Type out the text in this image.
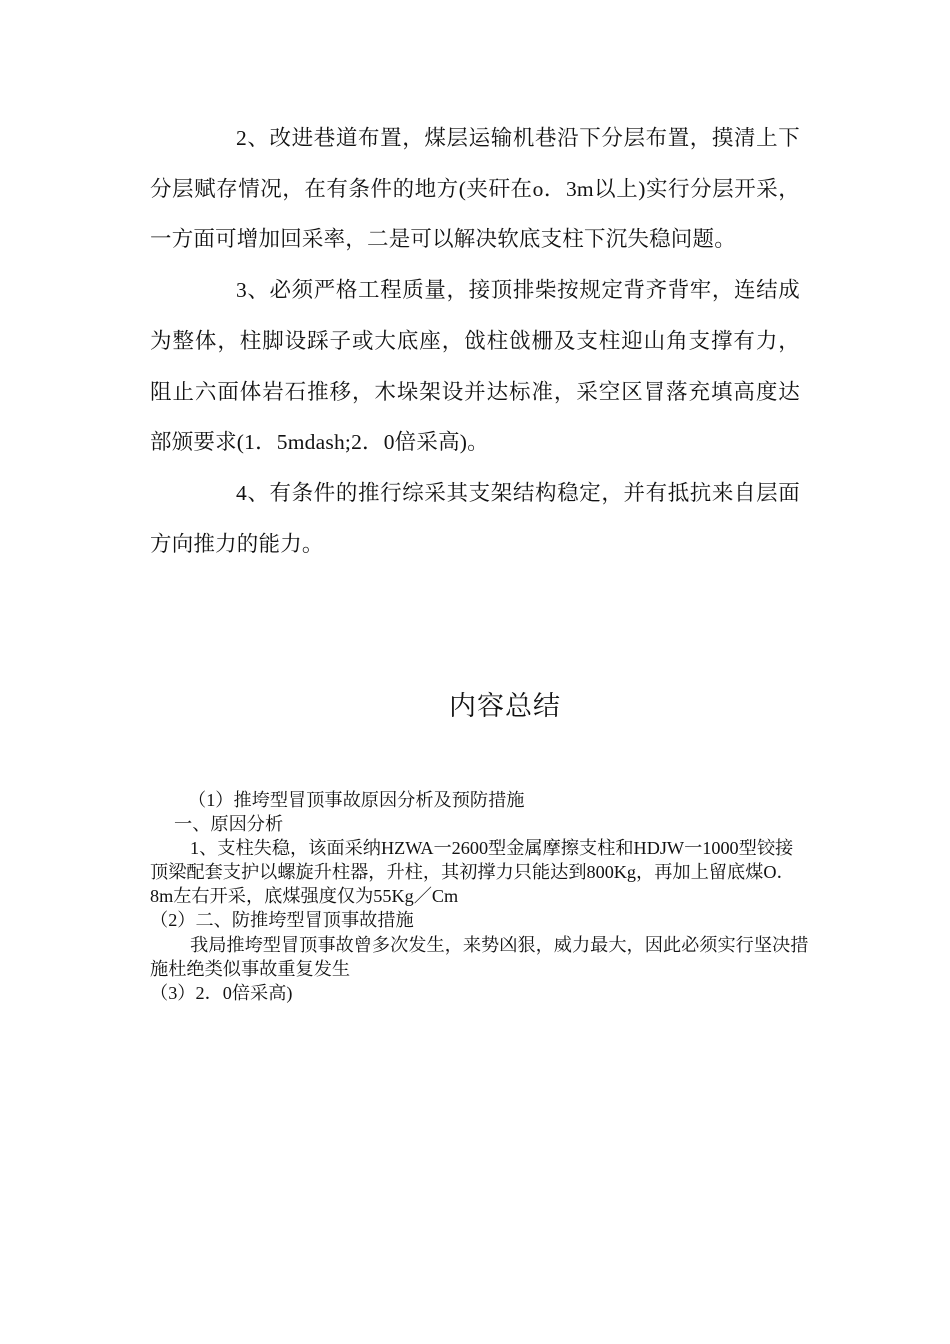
2、改进巷道布置，煤层运输机巷沿下分层布置，摸清上下分层赋存情况，在有条件的地方(夹矸在o．3m以上)实行分层开采，一方面可增加回采率，二是可以解决软底支柱下沉失稳问题。

3、必须严格工程质量，接顶排柴按规定背齐背牢，连结成为整体，柱脚设踩子或大底座，戗柱戗栅及支柱迎山角支撑有力，阻止六面体岩石推移，木垛架设并达标准，采空区冒落充填高度达部颁要求(1．5mdash;2．0倍采高)。

4、有条件的推行综采其支架结构稳定，并有抵抗来自层面方向推力的能力。

内容总结

（1）推垮型冒顶事故原因分析及预防措施

一、原因分析

1、支柱失稳，该面采纳HZWA一2600型金属摩擦支柱和HDJW一1000型铰接顶梁配套支护以螺旋升柱器，升柱，其初撑力只能达到800Kg，再加上留底煤O．8m左右开采，底煤强度仅为55Kg／Cm

（2）二、防推垮型冒顶事故措施

我局推垮型冒顶事故曾多次发生，来势凶狠，威力最大，因此必须实行坚决措施杜绝类似事故重复发生

（3）2．0倍采高)
